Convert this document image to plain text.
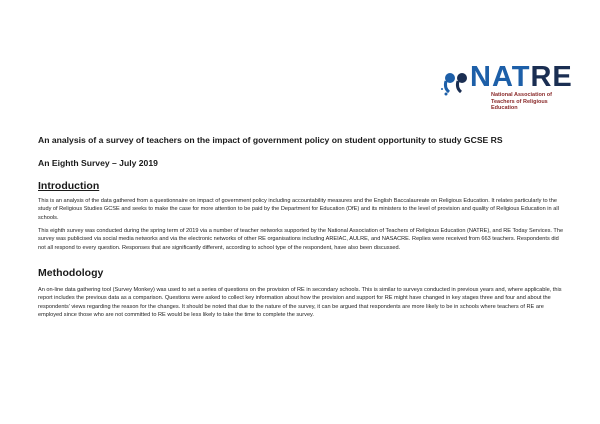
NATRE
National Association of Teachers of Religious Education
An analysis of a survey of teachers on the impact of government policy on student opportunity to study GCSE RS
An Eighth Survey – July 2019
Introduction
This is an analysis of the data gathered from a questionnaire on impact of government policy including accountability measures and the English Baccalaureate on Religious Education. It relates particularly to the study of Religious Studies GCSE and seeks to make the case for more attention to be paid by the Department for Education (DfE) and its ministers to the level of provision and quality of Religious Education in all schools.
This eighth survey was conducted during the spring term of 2019 via a number of teacher networks supported by the National Association of Teachers of Religious Education (NATRE), and RE Today Services. The survey was publicised via social media networks and via the electronic networks of other RE organisations including AREIAC, AULRE, and NASACRE. Replies were received from 663 teachers. Respondents did not all respond to every question. Responses that are significantly different, according to school type of the respondent, have also been discussed.
Methodology
An on-line data gathering tool (Survey Monkey) was used to set a series of questions on the provision of RE in secondary schools. This is similar to surveys conducted in previous years and, where applicable, this report includes the previous data as a comparison. Questions were asked to collect key information about how the provision and support for RE might have changed in key stages three and four and about the respondents’ views regarding the reason for the changes. It should be noted that due to the nature of the survey, it can be argued that respondents are more likely to be in schools where teachers of RE are employed since those who are not committed to RE would be less likely to take the time to complete the survey.
